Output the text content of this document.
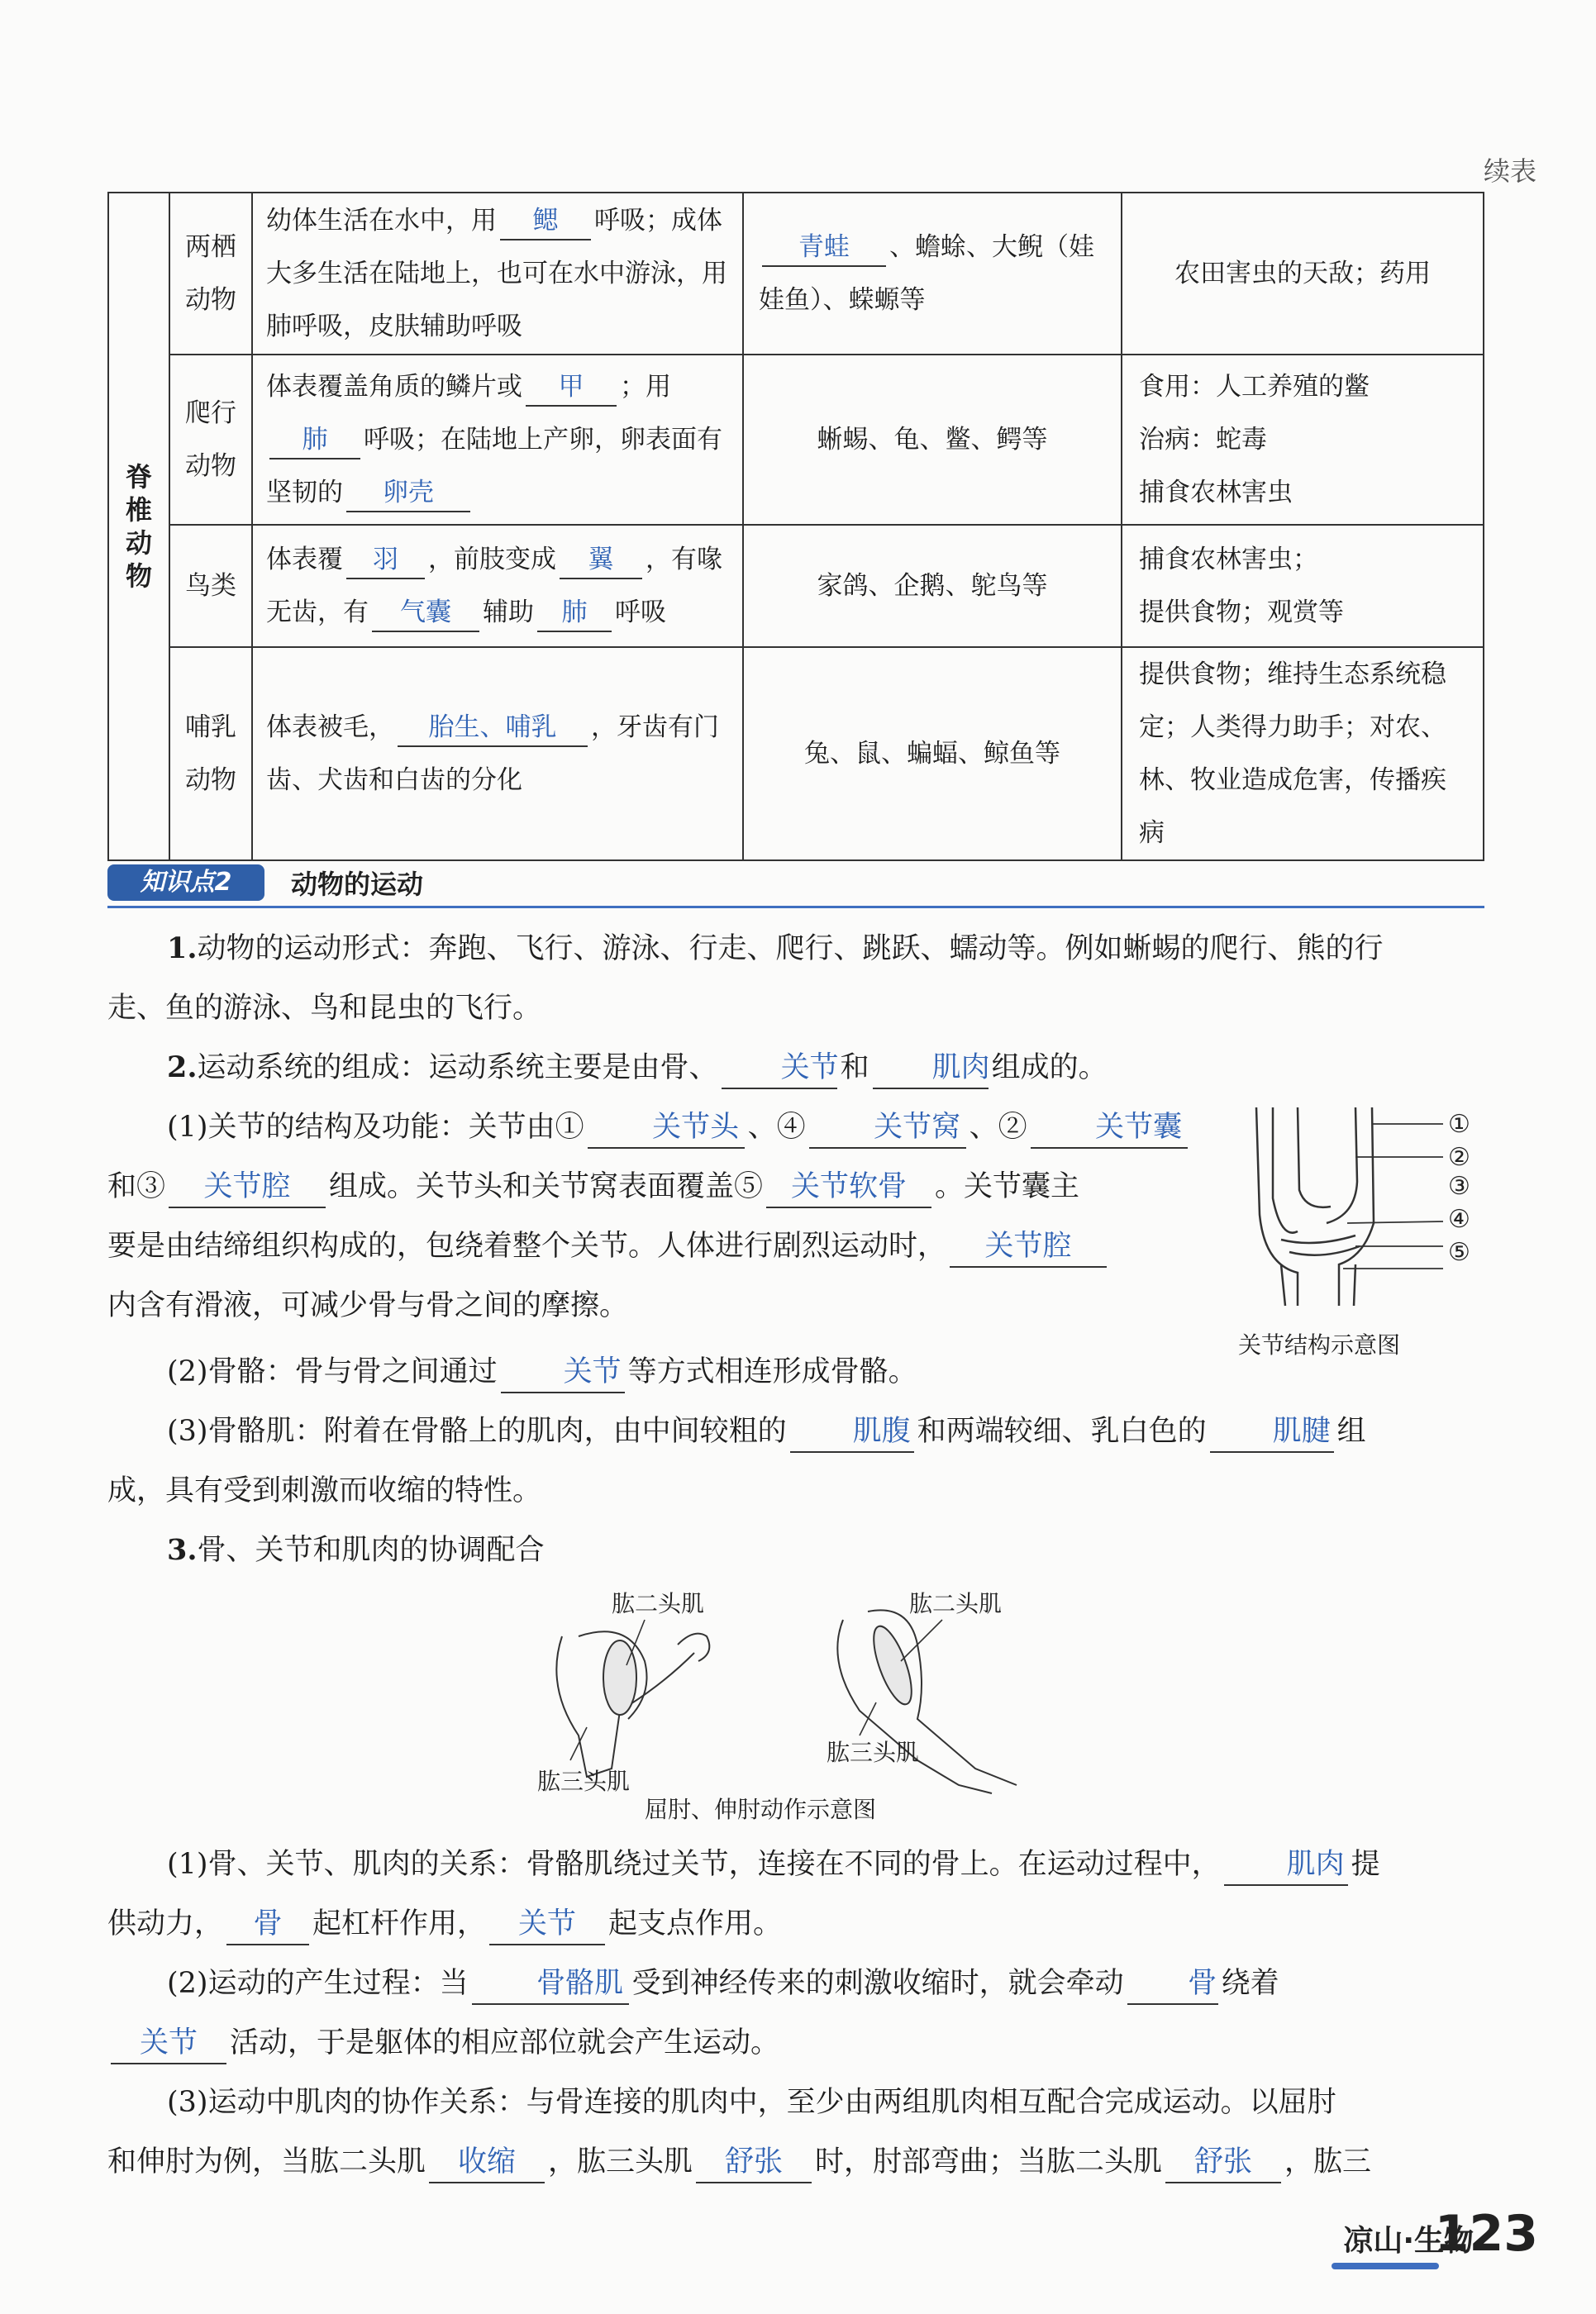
续表
脊椎动物	两栖动物	幼体生活在水中，用 鳃 呼吸；成体大多生活在陆地上，也可在水中游泳，用肺呼吸，皮肤辅助呼吸	青蛙 、蟾蜍、大鲵（娃娃鱼）、蝾螈等	农田害虫的天敌；药用
	爬行动物	体表覆盖角质的鳞片或 甲 ；用肺 呼吸；在陆地上产卵，卵表面有坚韧的 卵壳	蜥蜴、龟、鳖、鳄等	食用：人工养殖的鳖
治病：蛇毒
捕食农林害虫
	鸟类	体表覆 羽 ，前肢变成 翼 ，有喙无齿，有 气囊 辅助 肺 呼吸	家鸽、企鹅、鸵鸟等	捕食农林害虫；
提供食物；观赏等
	哺乳动物	体表被毛， 胎生、哺乳 ，牙齿有门齿、犬齿和白齿的分化	兔、鼠、蝙蝠、鲸鱼等	提供食物；维持生态系统稳定；人类得力助手；对农、林、牧业造成危害，传播疾病
知识点2	动物的运动
1.动物的运动形式：奔跑、飞行、游泳、行走、爬行、跳跃、蠕动等。例如蜥蜴的爬行、熊的行
走、鱼的游泳、鸟和昆虫的飞行。
2.运动系统的组成：运动系统主要是由骨、 关节和 肌肉组成的。
(1)关节的结构及功能：关节由① 关节头 、④ 关节窝 、② 关节囊
和③ 关节腔 组成。关节头和关节窝表面覆盖⑤ 关节软骨 。关节囊主
要是由结缔组织构成的，包绕着整个关节。人体进行剧烈运动时， 关节腔
内含有滑液，可减少骨与骨之间的摩擦。
①
②
③
④
⑤
关节结构示意图
(2)骨骼：骨与骨之间通过 关节 等方式相连形成骨骼。
(3)骨骼肌：附着在骨骼上的肌肉，由中间较粗的 肌腹 和两端较细、乳白色的 肌腱 组
成，具有受到刺激而收缩的特性。
3.骨、关节和肌肉的协调配合
肱二头肌
肱三头肌
肱二头肌
肱三头肌
屈肘、伸肘动作示意图
(1)骨、关节、肌肉的关系：骨骼肌绕过关节，连接在不同的骨上。在运动过程中， 肌肉 提
供动力， 骨 起杠杆作用， 关节 起支点作用。
(2)运动的产生过程：当 骨骼肌 受到神经传来的刺激收缩时，就会牵动 骨 绕着
关节 活动，于是躯体的相应部位就会产生运动。
(3)运动中肌肉的协作关系：与骨连接的肌肉中，至少由两组肌肉相互配合完成运动。以屈肘
和伸肘为例，当肱二头肌 收缩 ，肱三头肌 舒张 时，肘部弯曲；当肱二头肌 舒张 ，肱三
凉山·生物
123
